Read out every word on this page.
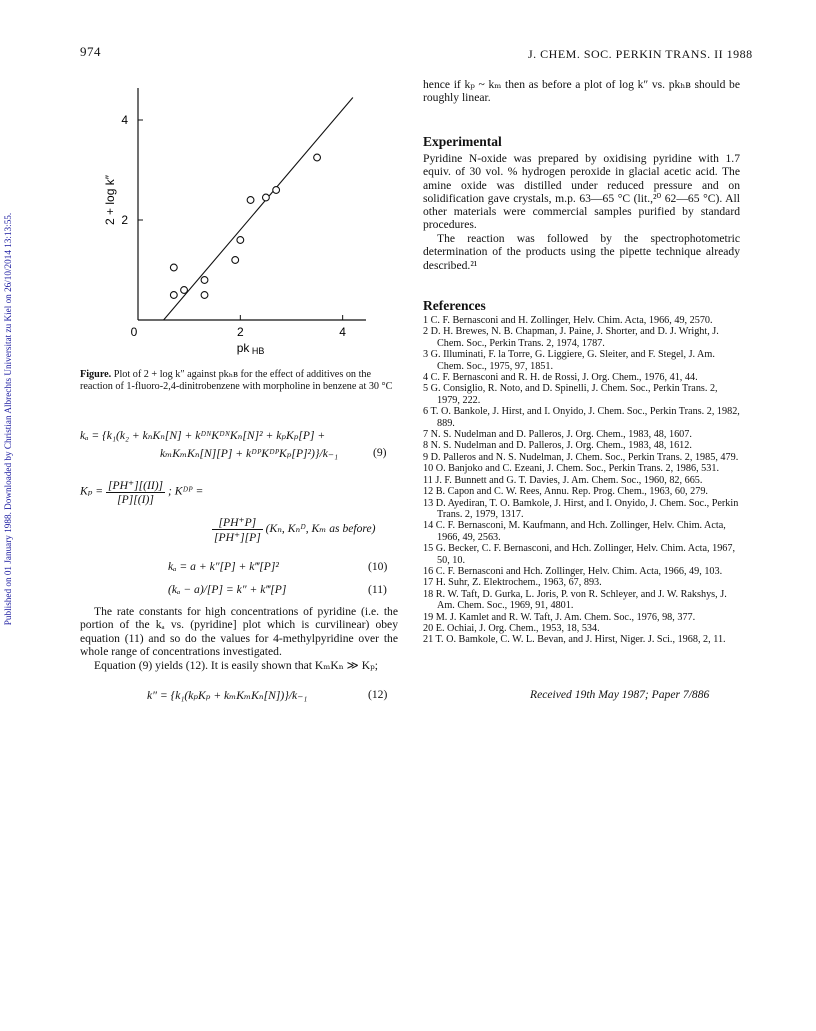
974	J. CHEM. SOC. PERKIN TRANS. II 1988
Published on 01 January 1988. Downloaded by Christian Albrechts Universitat zu Kiel on 26/10/2014 13:13:55.	0	2	4
2
4
pk HB
2 + log k″
Figure. Plot of 2 + log k″ against pkₕʙ for the effect of additives on the reaction of 1-fluoro-2,4-dinitrobenzene with morpholine in benzene at 30 °C
kₐ = {k₁(k₂ + kₙKₙ[N] + kᴰᴺKᴰᴺKₙ[N]² + kₚKₚ[P] +
kₘKₘKₙ[N][P] + kᴰᴾKᴰᴾKₚ[P]²)}/k₋₁	(9)
$K_p = \frac{[PH^+][(II)]}{[P][(I)]}$ ; Kᴰᴾ =
$\frac{[PH^+P]}{[PH^+][P]} (K_n$, Kₙᴰ, Kₘ as before)
kₐ = a + k″[P] + k‴[P]²	(10)
(kₐ − a)/[P] = k″ + k‴[P]	(11)
The rate constants for high concentrations of pyridine (i.e. the portion of the kₐ vs. (pyridine] plot which is curvilinear) obey equation (11) and so do the values for 4-methylpyridine over the whole range of concentrations investigated.
Equation (9) yields (12). It is easily shown that KₘKₙ ≫ Kₚ;
k″ = {k₁(kₚKₚ + kₘKₘKₙ[N])}/k₋₁	(12)
hence if kₚ ~ kₘ then as before a plot of log k″ vs. pkₕʙ should be roughly linear.
Experimental
Pyridine N-oxide was prepared by oxidising pyridine with 1.7 equiv. of 30 vol. % hydrogen peroxide in glacial acetic acid. The amine oxide was distilled under reduced pressure and on solidification gave crystals, m.p. 63—65 °C (lit.,²⁰ 62—65 °C). All other materials were commercial samples purified by standard procedures.
The reaction was followed by the spectrophotometric determination of the products using the pipette technique already described.²¹
References
1 C. F. Bernasconi and H. Zollinger, Helv. Chim. Acta, 1966, 49, 2570.
2 D. H. Brewes, N. B. Chapman, J. Paine, J. Shorter, and D. J. Wright, J. Chem. Soc., Perkin Trans. 2, 1974, 1787.
3 G. Illuminati, F. la Torre, G. Liggiere, G. Sleiter, and F. Stegel, J. Am. Chem. Soc., 1975, 97, 1851.
4 C. F. Bernasconi and R. H. de Rossi, J. Org. Chem., 1976, 41, 44.
5 G. Consiglio, R. Noto, and D. Spinelli, J. Chem. Soc., Perkin Trans. 2, 1979, 222.
6 T. O. Bankole, J. Hirst, and I. Onyido, J. Chem. Soc., Perkin Trans. 2, 1982, 889.
7 N. S. Nudelman and D. Palleros, J. Org. Chem., 1983, 48, 1607.
8 N. S. Nudelman and D. Palleros, J. Org. Chem., 1983, 48, 1612.
9 D. Palleros and N. S. Nudelman, J. Chem. Soc., Perkin Trans. 2, 1985, 479.
10 O. Banjoko and C. Ezeani, J. Chem. Soc., Perkin Trans. 2, 1986, 531.
11 J. F. Bunnett and G. T. Davies, J. Am. Chem. Soc., 1960, 82, 665.
12 B. Capon and C. W. Rees, Annu. Rep. Prog. Chem., 1963, 60, 279.
13 D. Ayediran, T. O. Bamkole, J. Hirst, and I. Onyido, J. Chem. Soc., Perkin Trans. 2, 1979, 1317.
14 C. F. Bernasconi, M. Kaufmann, and Hch. Zollinger, Helv. Chim. Acta, 1966, 49, 2563.
15 G. Becker, C. F. Bernasconi, and Hch. Zollinger, Helv. Chim. Acta, 1967, 50, 10.
16 C. F. Bernasconi and Hch. Zollinger, Helv. Chim. Acta, 1966, 49, 103.
17 H. Suhr, Z. Elektrochem., 1963, 67, 893.
18 R. W. Taft, D. Gurka, L. Joris, P. von R. Schleyer, and J. W. Rakshys, J. Am. Chem. Soc., 1969, 91, 4801.
19 M. J. Kamlet and R. W. Taft, J. Am. Chem. Soc., 1976, 98, 377.
20 E. Ochiai, J. Org. Chem., 1953, 18, 534.
21 T. O. Bamkole, C. W. L. Bevan, and J. Hirst, Niger. J. Sci., 1968, 2, 11.
Received 19th May 1987; Paper 7/886
